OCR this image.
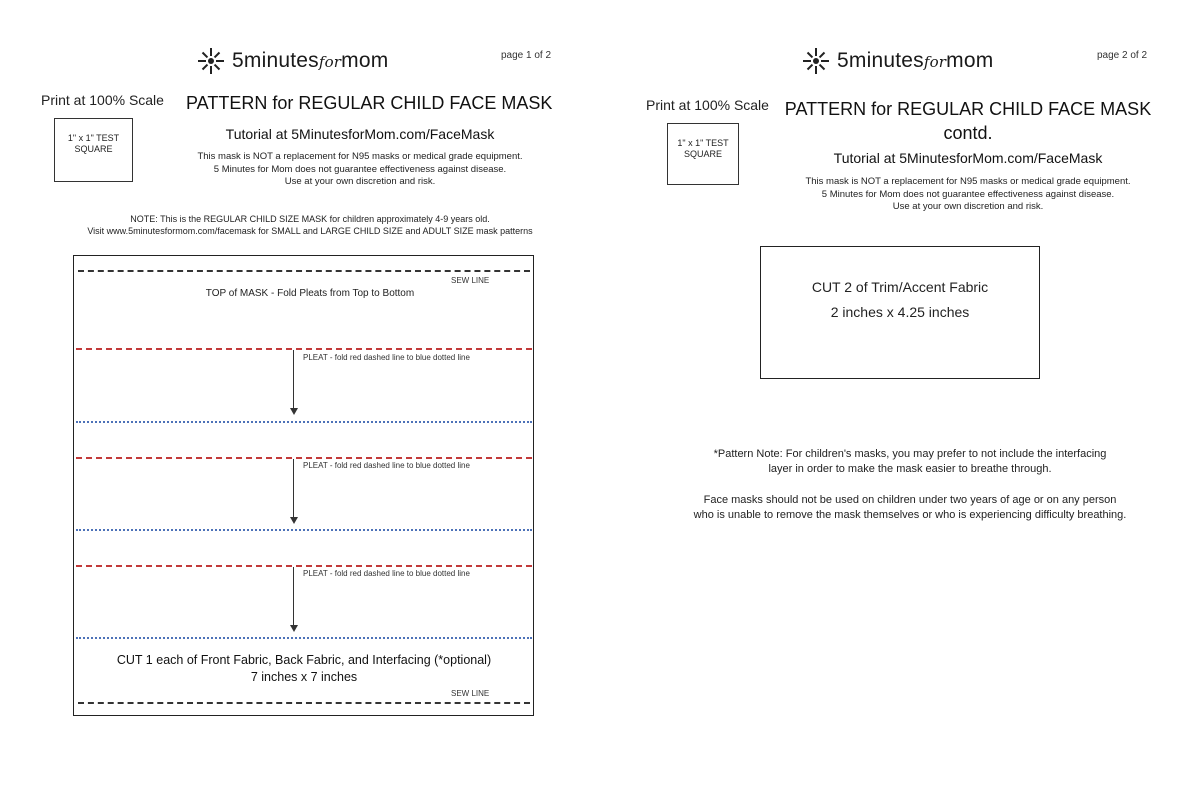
5minutesformom	page 1 of 2
Print at 100% Scale PATTERN for REGULAR CHILD FACE MASK
1" x 1" TEST
SQUARE
Tutorial at 5MinutesforMom.com/FaceMask
This mask is NOT a replacement for N95 masks or medical grade equipment.
5 Minutes for Mom does not guarantee effectiveness against disease.
Use at your own discretion and risk.
NOTE: This is the REGULAR CHILD SIZE MASK for children approximately 4-9 years old.
Visit www.5minutesformom.com/facemask for SMALL and LARGE CHILD SIZE and ADULT SIZE mask patterns
SEW LINE
TOP of MASK - Fold Pleats from Top to Bottom
PLEAT - fold red dashed line to blue dotted line
PLEAT - fold red dashed line to blue dotted line
PLEAT - fold red dashed line to blue dotted line
CUT 1 each of Front Fabric, Back Fabric, and Interfacing (*optional)
7 inches x 7 inches
SEW LINE
5minutesformom	page 2 of 2
Print at 100% Scale PATTERN for REGULAR CHILD FACE MASK
contd.
1" x 1" TEST
SQUARE	Tutorial at 5MinutesforMom.com/FaceMask
This mask is NOT a replacement for N95 masks or medical grade equipment.
5 Minutes for Mom does not guarantee effectiveness against disease.
Use at your own discretion and risk.
CUT 2 of Trim/Accent Fabric
2 inches x 4.25 inches
*Pattern Note: For children's masks, you may prefer to not include the interfacing
layer in order to make the mask easier to breathe through.
Face masks should not be used on children under two years of age or on any person
who is unable to remove the mask themselves or who is experiencing difficulty breathing.
